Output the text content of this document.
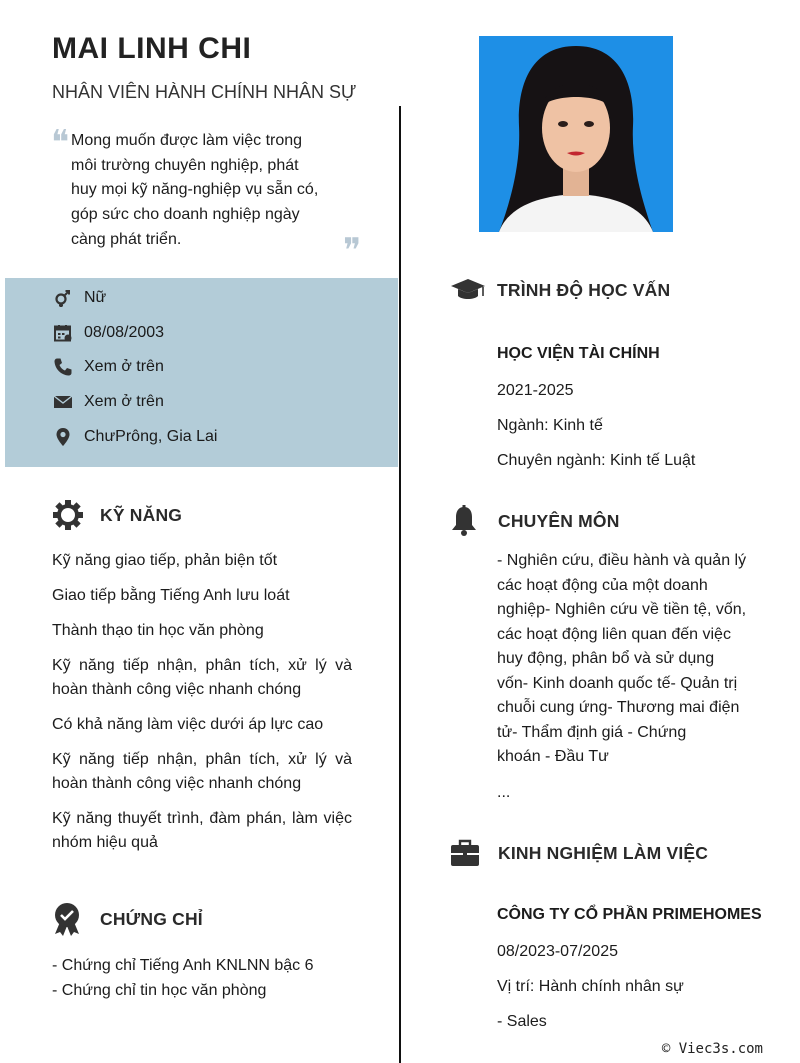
MAI LINH CHI
NHÂN VIÊN HÀNH CHÍNH NHÂN SỰ
❝ Mong muốn được làm việc trong
môi trường chuyên nghiệp, phát
huy mọi kỹ năng-nghiệp vụ sẵn có,
góp sức cho doanh nghiệp ngày
càng phát triển.	❞
Nữ
08/08/2003
Xem ở trên
Xem ở trên
ChưPrông, Gia Lai
KỸ NĂNG
Kỹ năng giao tiếp, phản biện tốt
Giao tiếp bằng Tiếng Anh lưu loát
Thành thạo tin học văn phòng
Kỹ năng tiếp nhận, phân tích, xử lý và hoàn thành công việc nhanh chóng
Có khả năng làm việc dưới áp lực cao
Kỹ năng tiếp nhận, phân tích, xử lý và hoàn thành công việc nhanh chóng
Kỹ năng thuyết trình, đàm phán, làm việc nhóm hiệu quả
CHỨNG CHỈ
- Chứng chỉ Tiếng Anh KNLNN bậc 6
- Chứng chỉ tin học văn phòng
TRÌNH ĐỘ HỌC VẤN
HỌC VIỆN TÀI CHÍNH
2021-2025
Ngành: Kinh tế
Chuyên ngành: Kinh tế Luật
CHUYÊN MÔN
- Nghiên cứu, điều hành và quản lý
các hoạt động của một doanh
nghiệp- Nghiên cứu về tiền tệ, vốn,
các hoạt động liên quan đến việc
huy động, phân bổ và sử dụng
vốn- Kinh doanh quốc tế- Quản trị
chuỗi cung ứng- Thương mai điện
tử- Thẩm định giá - Chứng
khoán - Đầu Tư
...
KINH NGHIỆM LÀM VIỆC
CÔNG TY CỔ PHẦN PRIMEHOMES
08/2023-07/2025
Vị trí: Hành chính nhân sự
- Sales
© Viec3s.com
